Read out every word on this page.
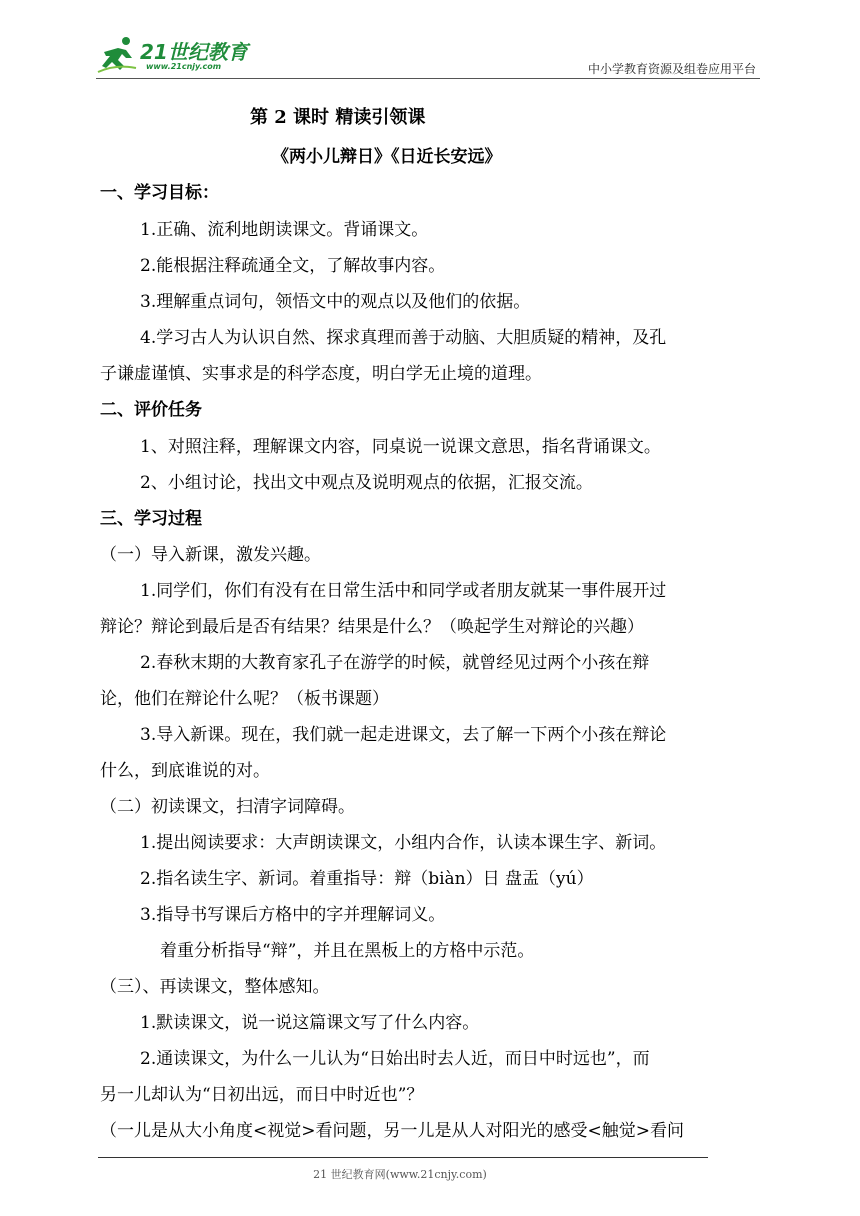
21世纪教育
www.21cnjy.com	中小学教育资源及组卷应用平台
第 2 课时 精读引领课
《两小儿辩日》《日近长安远》
一、学习目标：
1.正确、流利地朗读课文。背诵课文。
2.能根据注释疏通全文，了解故事内容。
3.理解重点词句，领悟文中的观点以及他们的依据。
4.学习古人为认识自然、探求真理而善于动脑、大胆质疑的精神，及孔
子谦虚谨慎、实事求是的科学态度，明白学无止境的道理。
二、评价任务
1、对照注释，理解课文内容，同桌说一说课文意思，指名背诵课文。
2、小组讨论，找出文中观点及说明观点的依据，汇报交流。
三、学习过程
（一）导入新课，激发兴趣。
1.同学们，你们有没有在日常生活中和同学或者朋友就某一事件展开过
辩论？辩论到最后是否有结果？结果是什么？（唤起学生对辩论的兴趣）
2.春秋末期的大教育家孔子在游学的时候，就曾经见过两个小孩在辩
论，他们在辩论什么呢？（板书课题）
3.导入新课。现在，我们就一起走进课文，去了解一下两个小孩在辩论
什么，到底谁说的对。
（二）初读课文，扫清字词障碍。
1.提出阅读要求：大声朗读课文，小组内合作，认读本课生字、新词。
2.指名读生字、新词。着重指导：辩（biàn）日 盘盂（yú）
3.指导书写课后方格中的字并理解词义。
着重分析指导“辩”，并且在黑板上的方格中示范。
（三）、再读课文，整体感知。
1.默读课文，说一说这篇课文写了什么内容。
2.通读课文，为什么一儿认为“日始出时去人近，而日中时远也”，而
另一儿却认为“日初出远，而日中时近也”？
（一儿是从大小角度<视觉>看问题，另一儿是从人对阳光的感受<触觉>看问
21 世纪教育网(www.21cnjy.com)
